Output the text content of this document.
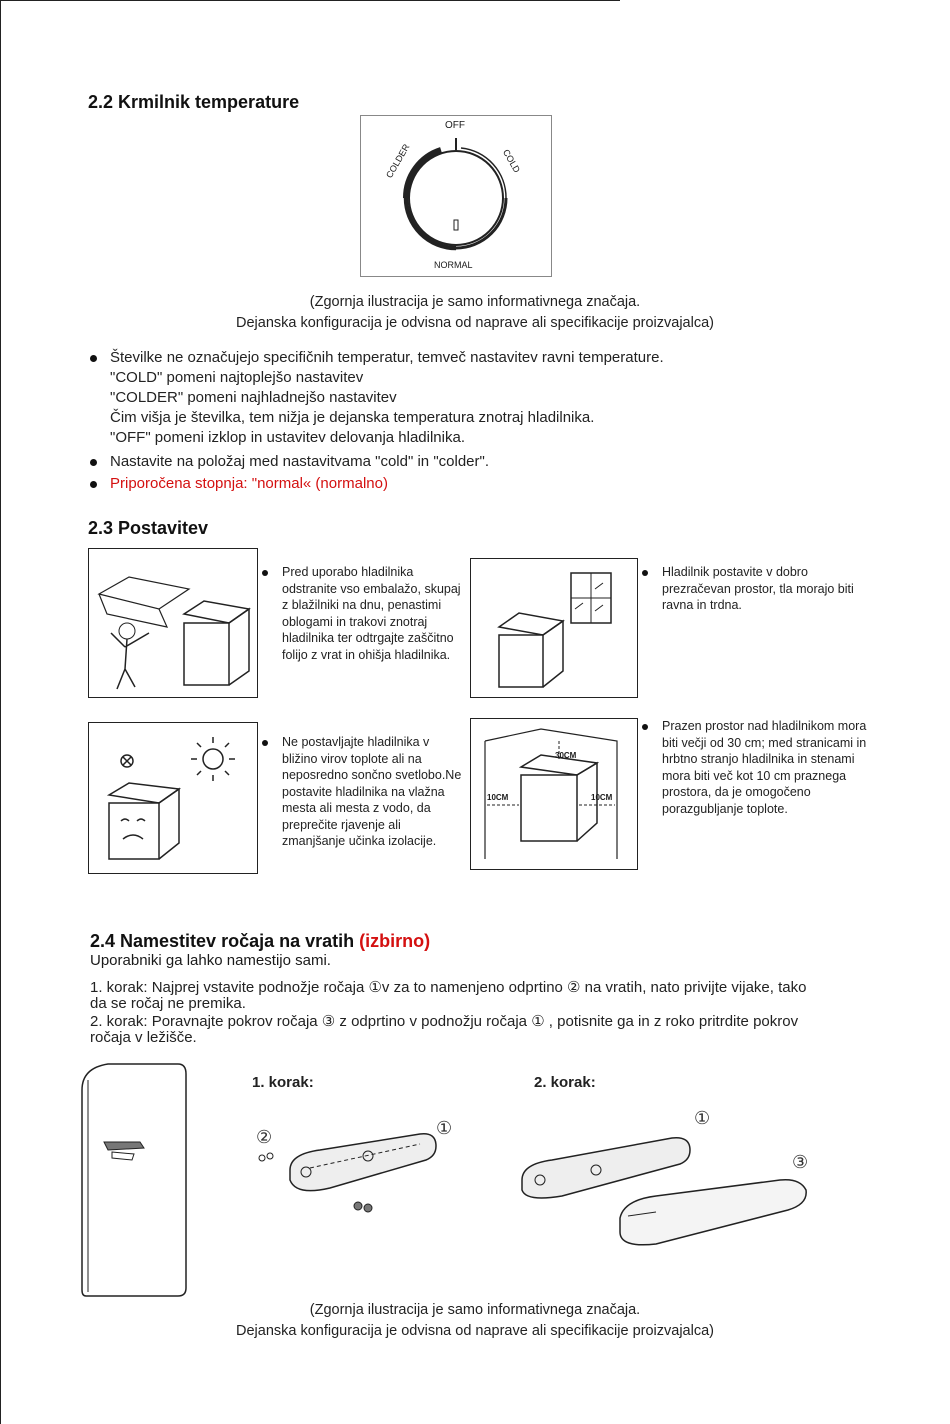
2.2 Krmilnik temperature
OFF
COLD
COLDER
NORMAL
(Zgornja ilustracija je samo informativnega značaja.
Dejanska konfiguracija je odvisna od naprave ali specifikacije proizvajalca)
Številke ne označujejo specifičnih temperatur, temveč nastavitev ravni temperature.
"COLD" pomeni najtoplejšo nastavitev
"COLDER" pomeni najhladnejšo nastavitev
Čim višja je številka, tem nižja je dejanska temperatura znotraj hladilnika.
"OFF" pomeni izklop in ustavitev delovanja hladilnika.
Nastavite na položaj med nastavitvama "cold" in "colder".
Priporočena stopnja: "normal« (normalno)
2.3 Postavitev
Pred uporabo hladilnika odstranite vso embalažo, skupaj z blažilniki na dnu, penastimi oblogami in trakovi znotraj hladilnika ter odtrgajte zaščitno folijo z vrat in ohišja hladilnika.
Hladilnik postavite v dobro prezračevan prostor, tla morajo biti ravna in trdna.
Ne postavljajte hladilnika v bližino virov toplote ali na neposredno sončno svetlobo.Ne postavite hladilnika na vlažna mesta ali mesta z vodo, da preprečite rjavenje ali zmanjšanje učinka izolacije.
30CM
10CM	10CM
Prazen prostor nad hladilnikom mora biti večji od 30 cm; med stranicami in hrbtno stranjo hladilnika in stenami mora biti več kot 10 cm praznega prostora, da je omogočeno porazgubljanje toplote.
2.4 Namestitev ročaja na vratih (izbirno)
Uporabniki ga lahko namestijo sami.
1. korak: Najprej vstavite podnožje ročaja ①v za to namenjeno odprtino ② na vratih, nato privijte vijake, tako da se ročaj ne premika.
2. korak: Poravnajte pokrov ročaja ③ z odprtino v podnožju ročaja ① , potisnite ga in z roko pritrdite pokrov ročaja v ležišče.
1. korak:	2. korak:
②	①	①
③
(Zgornja ilustracija je samo informativnega značaja.
Dejanska konfiguracija je odvisna od naprave ali specifikacije proizvajalca)
